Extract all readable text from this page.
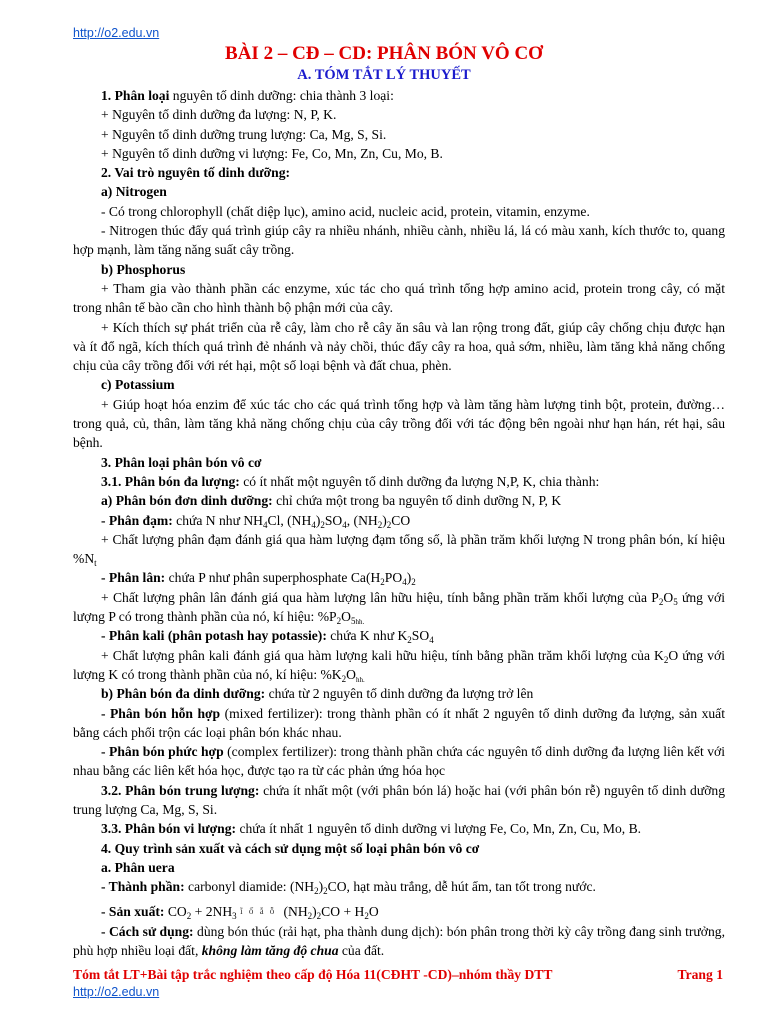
http://o2.edu.vn
BÀI 2 – CĐ – CD: PHÂN BÓN VÔ CƠ
A. TÓM TẮT LÝ THUYẾT

1. Phân loại nguyên tố dinh dưỡng: chia thành 3 loại:

+ Nguyên tố dinh dưỡng đa lượng: N, P, K.

+ Nguyên tố dinh dưỡng trung lượng: Ca, Mg, S, Si.

+ Nguyên tố dinh dưỡng vi lượng: Fe, Co, Mn, Zn, Cu, Mo, B.

2. Vai trò nguyên tố dinh dưỡng:

a) Nitrogen

- Có trong chlorophyll (chất diệp lục), amino acid, nucleic acid, protein, vitamin, enzyme.

- Nitrogen thúc đẩy quá trình giúp cây ra nhiều nhánh, nhiều cành, nhiều lá, lá có màu xanh, kích thước to, quang hợp mạnh, làm tăng năng suất cây trồng.

b) Phosphorus

+ Tham gia vào thành phần các enzyme, xúc tác cho quá trình tổng hợp amino acid, protein trong cây, có mặt trong nhân tế bào cần cho hình thành bộ phận mới của cây.

+ Kích thích sự phát triển của rễ cây, làm cho rễ cây ăn sâu và lan rộng trong đất, giúp cây chống chịu được hạn và ít đổ ngã, kích thích quá trình đẻ nhánh và nảy chồi, thúc đẩy cây ra hoa, quả sớm, nhiều, làm tăng khả năng chống chịu của cây trồng đối với rét hại, một số loại bệnh và đất chua, phèn.

c) Potassium

+ Giúp hoạt hóa enzim để xúc tác cho các quá trình tổng hợp và làm tăng hàm lượng tinh bột, protein, đường… trong quả, củ, thân, làm tăng khả năng chống chịu của cây trồng đối với tác động bên ngoài như hạn hán, rét hại, sâu bệnh.

3. Phân loại phân bón vô cơ

3.1. Phân bón đa lượng: có ít nhất một nguyên tố dinh dưỡng đa lượng N,P, K, chia thành:

a) Phân bón đơn dinh dưỡng: chỉ chứa một trong ba nguyên tố dinh dưỡng N, P, K

- Phân đạm: chứa N như $NH_4Cl$, $(NH_4)_2SO_4$, $(NH_2)_2CO$

+ Chất lượng phân đạm đánh giá qua hàm lượng đạm tổng số, là phần trăm khối lượng N trong phân bón, kí hiệu $\%N_t$

- Phân lân: chứa P như phân superphosphate $Ca(H_2PO_4)_2$

+ Chất lượng phân lân đánh giá qua hàm lượng lân hữu hiệu, tính bằng phần trăm khối lượng của $P_2O_5$ ứng với lượng P có trong thành phần của nó, kí hiệu: $\%P_2O_{5hh.}$

- Phân kali (phân potash hay potassie): chứa K như $K_2SO_4$

+ Chất lượng phân kali đánh giá qua hàm lượng kali hữu hiệu, tính bằng phần trăm khối lượng của $K_2O$ ứng với lượng K có trong thành phần của nó, kí hiệu: $\%K_2O_{hh.}$

b) Phân bón đa dinh dưỡng: chứa từ 2 nguyên tố dinh dưỡng đa lượng trở lên

- Phân bón hỗn hợp (mixed fertilizer): trong thành phần có ít nhất 2 nguyên tố dinh dưỡng đa lượng, sản xuất bằng cách phối trộn các loại phân bón khác nhau.

- Phân bón phức hợp (complex fertilizer): trong thành phần chứa các nguyên tố dinh dưỡng đa lượng liên kết với nhau bằng các liên kết hóa học, được tạo ra từ các phản ứng hóa học

3.2. Phân bón trung lượng: chứa ít nhất một (với phân bón lá) hoặc hai (với phân bón rễ) nguyên tố dinh dưỡng trung lượng Ca, Mg, S, Si.

3.3. Phân bón vi lượng: chứa ít nhất 1 nguyên tố dinh dưỡng vi lượng Fe, Co, Mn, Zn, Cu, Mo, B.

4. Quy trình sản xuất và cách sử dụng một số loại phân bón vô cơ

a. Phân uera

- Thành phần: carbonyl diamide: $(NH_2)_2CO$, hạt màu trắng, dễ hút ẩm, tan tốt trong nước.

- Sản xuất: $CO_2 + 2NH_3$ ĩ ố ắ ỗ $(NH_2)_2CO + H_2O$

- Cách sử dụng: dùng bón thúc (rải hạt, pha thành dung dịch): bón phân trong thời kỳ cây trồng đang sinh trưởng, phù hợp nhiều loại đất, không làm tăng độ chua của đất.

Tóm tắt LT+Bài tập trắc nghiệm theo cấp độ Hóa 11(CĐHT -CD)–nhóm thầy DTT	Trang 1
http://o2.edu.vn
